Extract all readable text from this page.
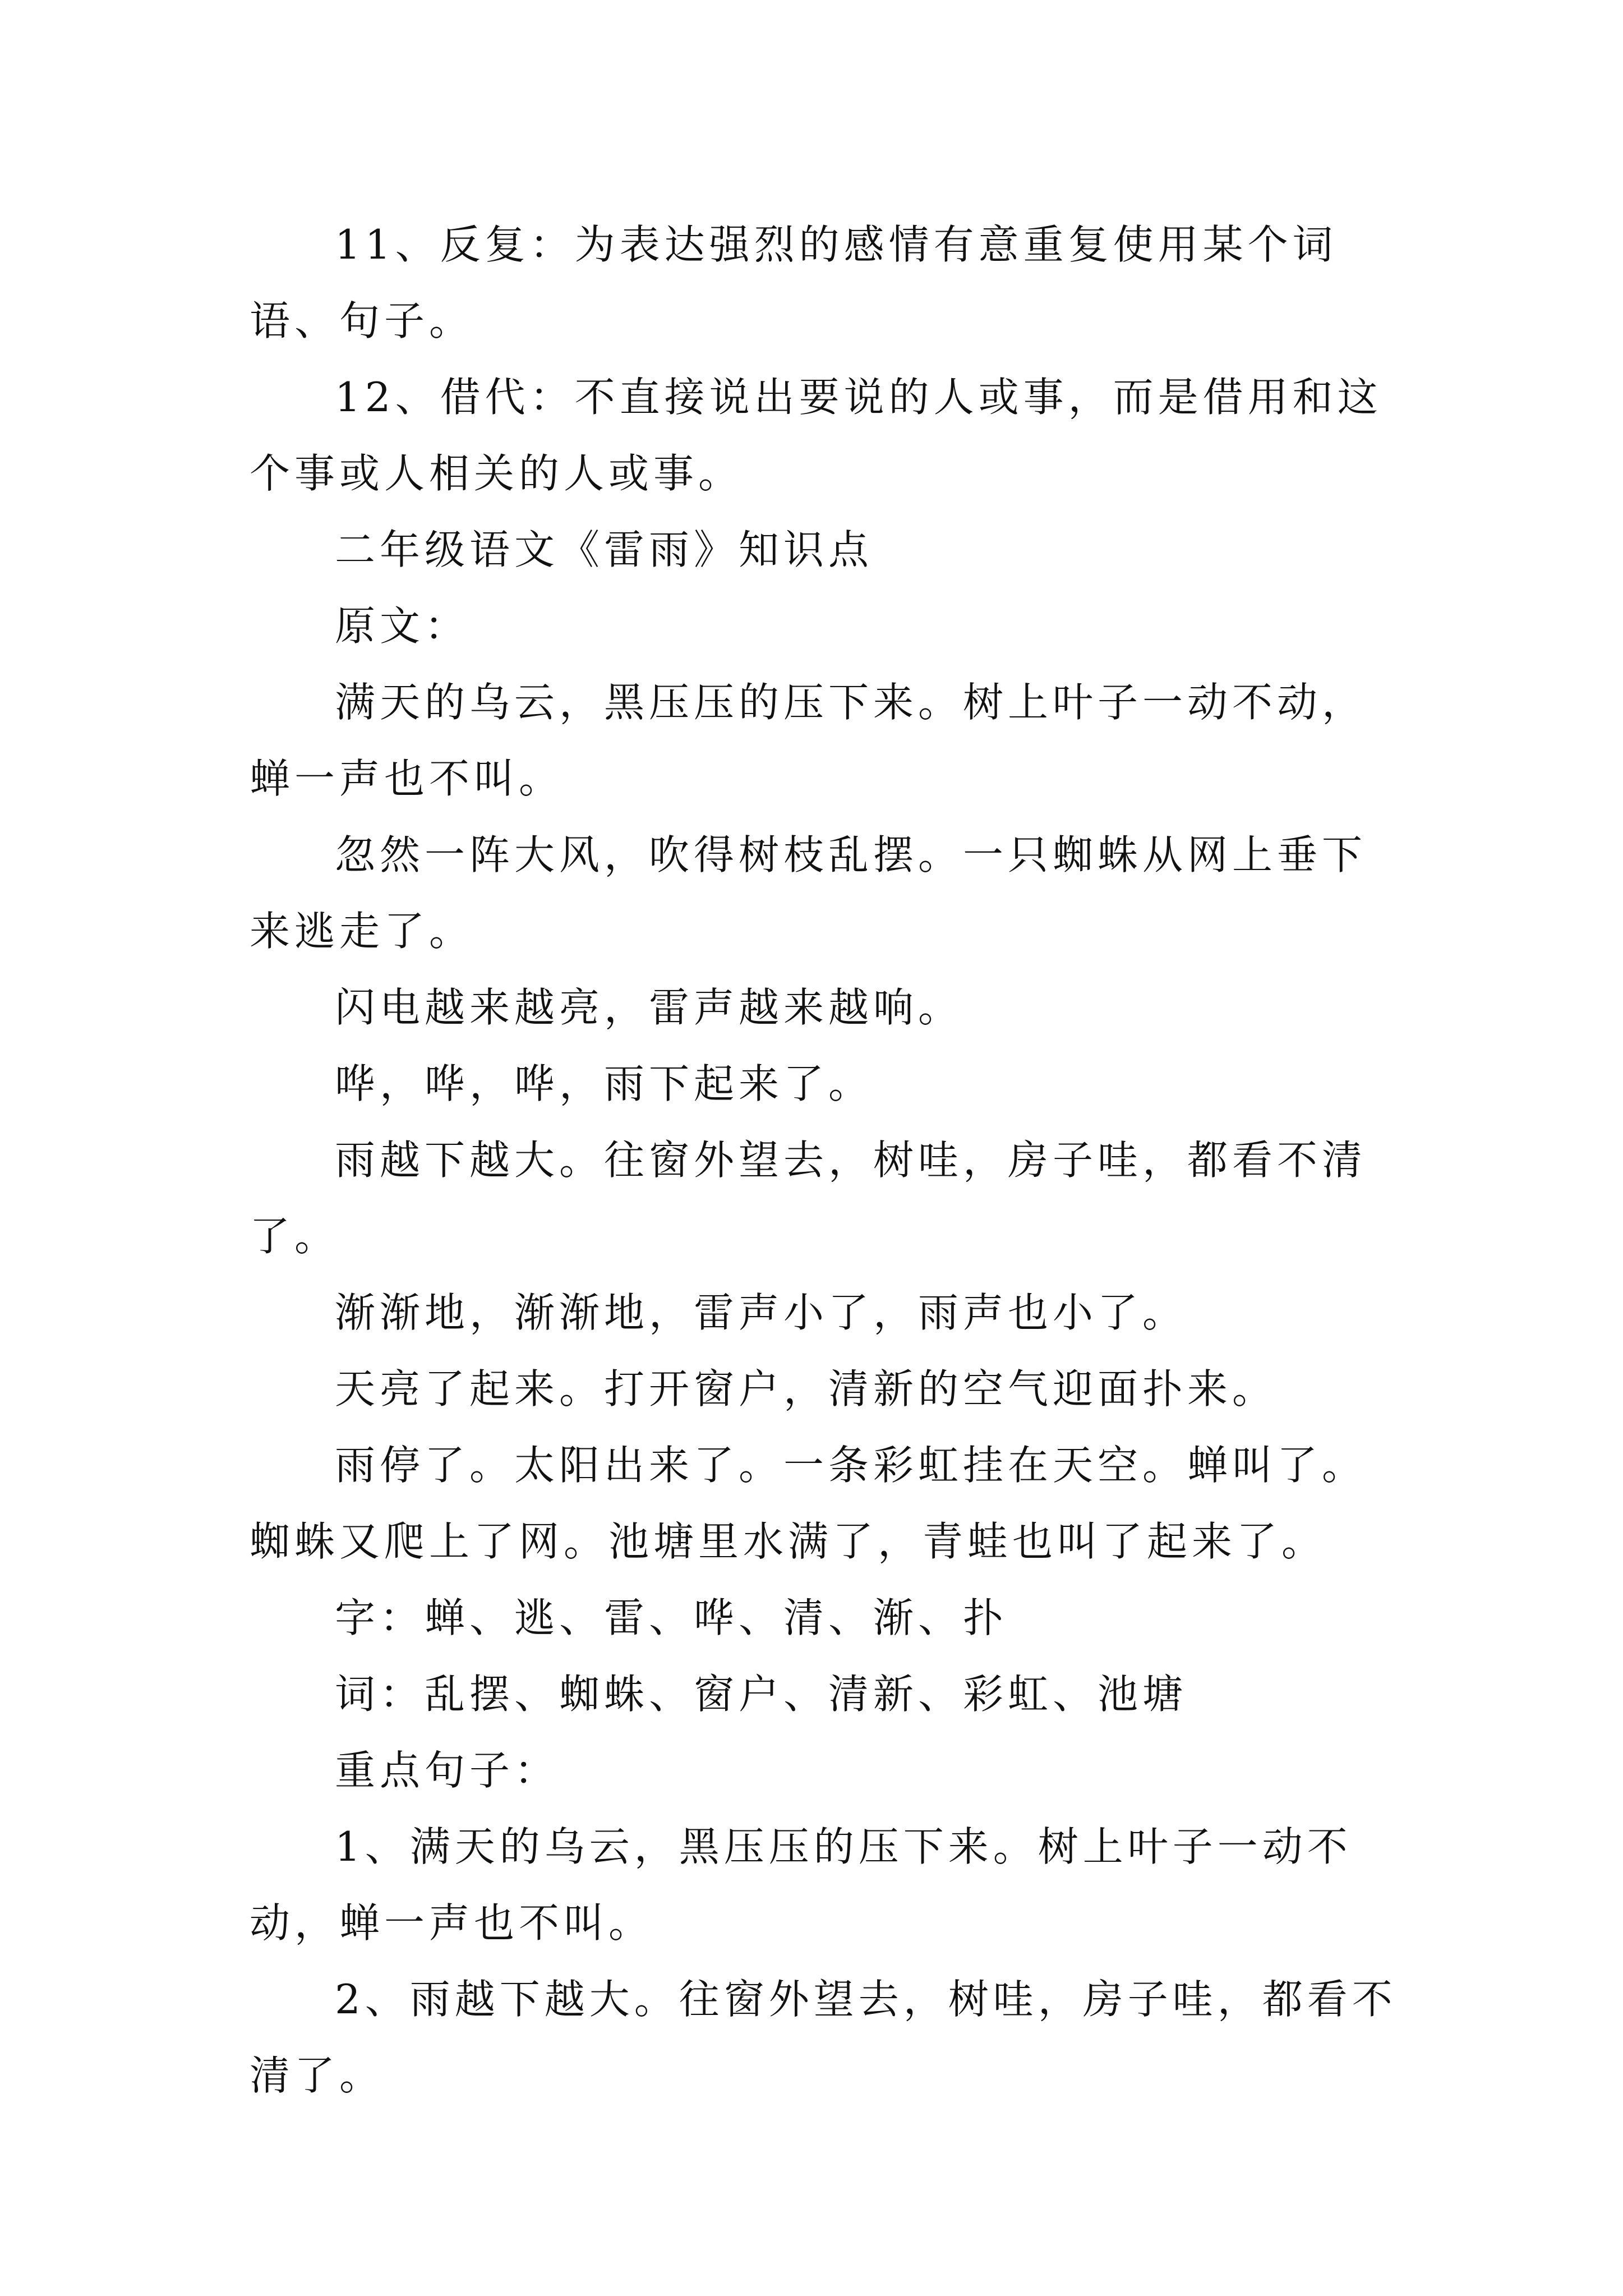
11、反复：为表达强烈的感情有意重复使用某个词语、句子。

12、借代：不直接说出要说的人或事，而是借用和这个事或人相关的人或事。

二年级语文《雷雨》知识点

原文：

满天的乌云，黑压压的压下来。树上叶子一动不动，蝉一声也不叫。

忽然一阵大风，吹得树枝乱摆。一只蜘蛛从网上垂下来逃走了。

闪电越来越亮，雷声越来越响。

哗，哗，哗，雨下起来了。

雨越下越大。往窗外望去，树哇，房子哇，都看不清了。

渐渐地，渐渐地，雷声小了，雨声也小了。

天亮了起来。打开窗户，清新的空气迎面扑来。

雨停了。太阳出来了。一条彩虹挂在天空。蝉叫了。蜘蛛又爬上了网。池塘里水满了，青蛙也叫了起来了。

字：蝉、逃、雷、哗、清、渐、扑

词：乱摆、蜘蛛、窗户、清新、彩虹、池塘

重点句子：

1、满天的乌云，黑压压的压下来。树上叶子一动不动，蝉一声也不叫。

2、雨越下越大。往窗外望去，树哇，房子哇，都看不清了。
